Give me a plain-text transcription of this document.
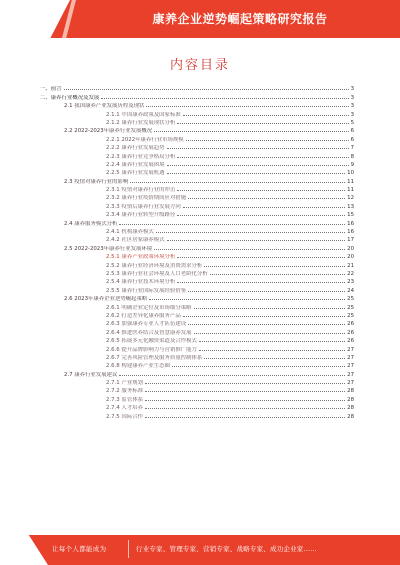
康养企业逆势崛起策略研究报告
内容目录
一、前言	3
二、康养行业概况及发展	3
2.1 我国康养产业发展历程及现状	3
2.1.1 中国康养政策及国家标准	3
2.1.2 康养行业发展现状分析	5
2.2 2022-2023年康养行业发展概况	6
2.2.1 2022年康养行业市场规模	6
2.2.2 康养行业发展趋势	7
2.2.3 康养行业竞争格局分析	8
2.2.4 康养行业发展困境	9
2.2.5 康养行业发展机遇	10
2.3 疫情对康养行业的影响	11
2.3.1 疫情对康养行业的冲击	11
2.3.2 康养行业疫情期间应对措施	12
2.3.3 疫情后康养行业发展方向	13
2.3.4 康养行业转型升级路径	15
2.4 康养服务模式分析	16
2.4.1 机构康养模式	16
2.4.2 社区居家康养模式	17
2.5 2022-2023年康养行业发展环境	20
2.5.1 康养产业政策环境分析	20
2.5.2 康养行业经济环境及消费需求分析	21
2.5.3 康养行业社会环境及人口老龄化分析	22
2.5.4 康养行业技术环境分析	23
2.5.5 康养行业国际发展经验借鉴	24
2.6 2023年康养企业逆势崛起策略	25
2.6.1 明确企业定位及市场细分策略	25
2.6.2 打造差异化康养服务产品	25
2.6.3 加强康养专业人才队伍建设	26
2.6.4 推进医养结合及智慧康养发展	26
2.6.5 拓展多元化融资渠道及合作模式	26
2.6.6 提升品牌影响力与营销推广能力	27
2.6.7 完善风险管理及服务质量控制体系	27
2.6.8 构建康养产业生态圈	27
2.7 康养行业发展建议	27
2.7.1 产业规划	27
2.7.2 服务标准	28
2.7.3 监管体系	28
2.7.4 人才培养	28
2.7.5 国际合作	28
让每个人都能成为	行业专家、管理专家、营销专家、战略专家、成功企业家……
